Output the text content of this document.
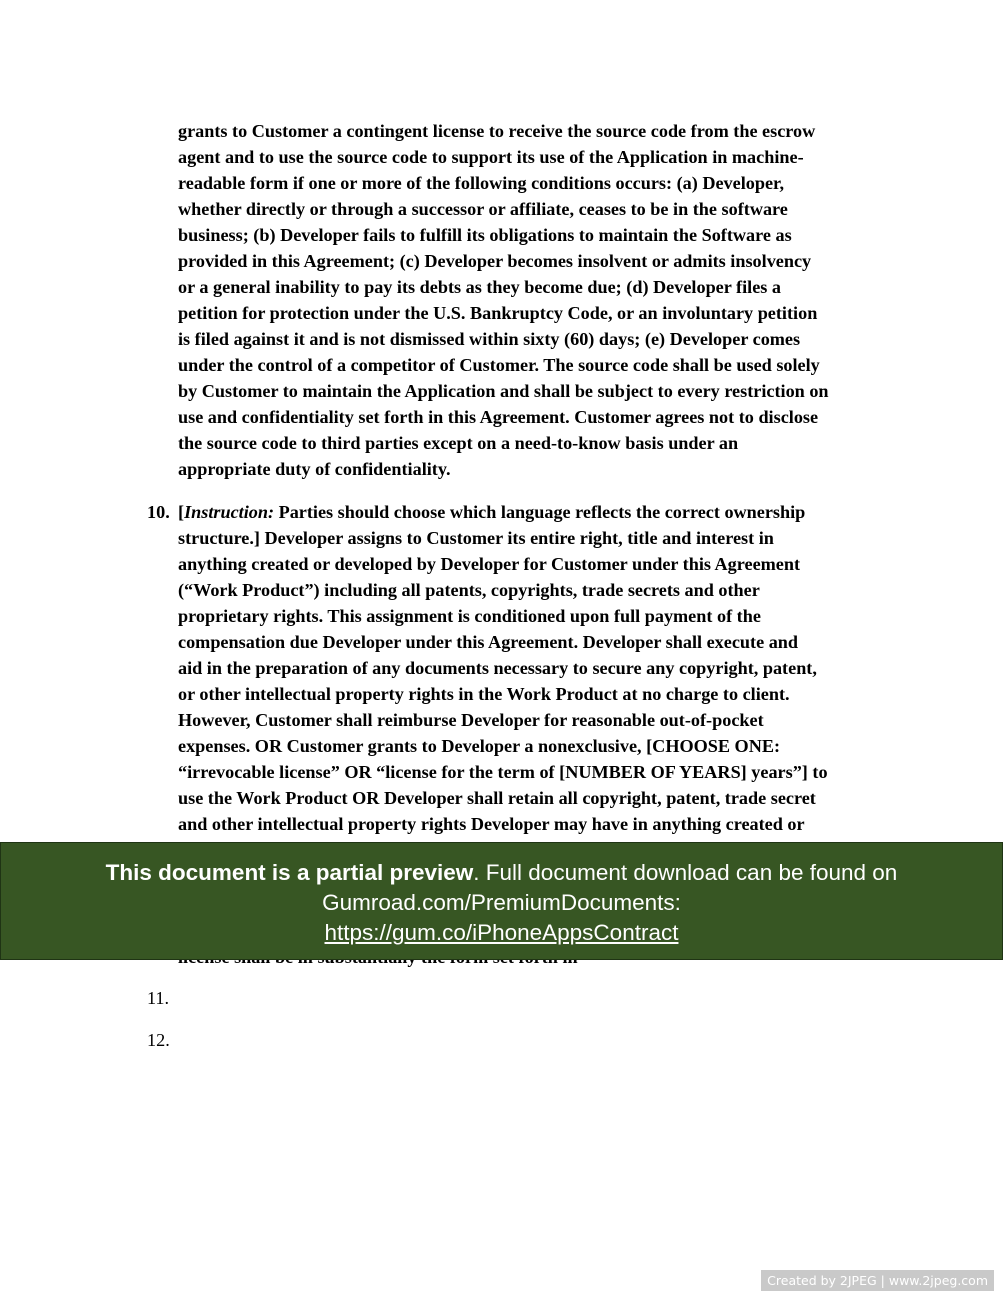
grants to Customer a contingent license to receive the source code from the escrow
agent and to use the source code to support its use of the Application in machine-
readable form if one or more of the following conditions occurs: (a) Developer,
whether directly or through a successor or affiliate, ceases to be in the software
business; (b) Developer fails to fulfill its obligations to maintain the Software as
provided in this Agreement; (c) Developer becomes insolvent or admits insolvency
or a general inability to pay its debts as they become due; (d) Developer files a
petition for protection under the U.S. Bankruptcy Code, or an involuntary petition
is filed against it and is not dismissed within sixty (60) days; (e) Developer comes
under the control of a competitor of Customer. The source code shall be used solely
by Customer to maintain the Application and shall be subject to every restriction on
use and confidentiality set forth in this Agreement. Customer agrees not to disclose
the source code to third parties except on a need-to-know basis under an
appropriate duty of confidentiality.
10. [Instruction: Parties should choose which language reflects the correct ownership
structure.] Developer assigns to Customer its entire right, title and interest in
anything created or developed by Developer for Customer under this Agreement
(“Work Product”) including all patents, copyrights, trade secrets and other
proprietary rights. This assignment is conditioned upon full payment of the
compensation due Developer under this Agreement. Developer shall execute and
aid in the preparation of any documents necessary to secure any copyright, patent,
or other intellectual property rights in the Work Product at no charge to client.
However, Customer shall reimburse Developer for reasonable out-of-pocket
expenses. OR Customer grants to Developer a nonexclusive, [CHOOSE ONE:
“irrevocable license” OR “license for the term of [NUMBER OF YEARS] years”] to
use the Work Product OR Developer shall retain all copyright, patent, trade secret
and other intellectual property rights Developer may have in anything created or
11.
12.
This document is a partial preview. Full document download can be found on
Gumroad.com/PremiumDocuments:
https://gum.co/iPhoneAppsContract
Created by 2JPEG | www.2jpeg.com
